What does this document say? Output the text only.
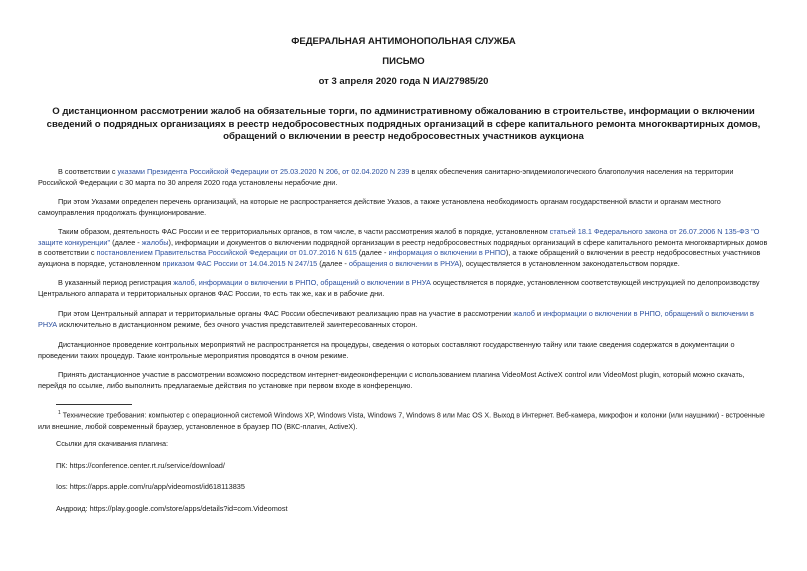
ФЕДЕРАЛЬНАЯ АНТИМОНОПОЛЬНАЯ СЛУЖБА
ПИСЬМО
от 3 апреля 2020 года N ИА/27985/20
О дистанционном рассмотрении жалоб на обязательные торги, по административному обжалованию в строительстве, информации о включении сведений о подрядных организациях в реестр недобросовестных подрядных организаций в сфере капитального ремонта многоквартирных домов, обращений о включении в реестр недобросовестных участников аукциона
В соответствии с указами Президента Российской Федерации от 25.03.2020 N 206, от 02.04.2020 N 239 в целях обеспечения санитарно-эпидемиологического благополучия населения на территории Российской Федерации с 30 марта по 30 апреля 2020 года установлены нерабочие дни.
При этом Указами определен перечень организаций, на которые не распространяется действие Указов, а также установлена необходимость органам государственной власти и органам местного самоуправления продолжать функционирование.
Таким образом, деятельность ФАС России и ее территориальных органов, в том числе, в части рассмотрения жалоб в порядке, установленном статьей 18.1 Федерального закона от 26.07.2006 N 135-ФЗ "О защите конкуренции" (далее - жалобы), информации и документов о включении подрядной организации в реестр недобросовестных подрядных организаций в сфере капитального ремонта многоквартирных домов в соответствии с постановлением Правительства Российской Федерации от 01.07.2016 N 615 (далее - информация о включении в РНПО), а также обращений о включении в реестр недобросовестных участников аукциона в порядке, установленном приказом ФАС России от 14.04.2015 N 247/15 (далее - обращения о включении в РНУА), осуществляется в установленном законодательством порядке.
В указанный период регистрация жалоб, информации о включении в РНПО, обращений о включении в РНУА осуществляется в порядке, установленном соответствующей инструкцией по делопроизводству Центрального аппарата и территориальных органов ФАС России, то есть так же, как и в рабочие дни.
При этом Центральный аппарат и территориальные органы ФАС России обеспечивают реализацию прав на участие в рассмотрении жалоб и информации о включении в РНПО, обращений о включении в РНУА исключительно в дистанционном режиме, без очного участия представителей заинтересованных сторон.
Дистанционное проведение контрольных мероприятий не распространяется на процедуры, сведения о которых составляют государственную тайну или такие сведения содержатся в документации о проведении таких процедур. Такие контрольные мероприятия проводятся в очном режиме.
Принять дистанционное участие в рассмотрении возможно посредством интернет-видеоконференции с использованием плагина VideoMost ActiveX control или VideoMost plugin, который можно скачать, перейдя по ссылке, либо выполнить предлагаемые действия по установке при первом входе в конференцию.
$^1$ Технические требования: компьютер с операционной системой Windows XP, Windows Vista, Windows 7, Windows 8 или Mac OS X. Выход в Интернет. Веб-камера, микрофон и колонки (или наушники) - встроенные или внешние, любой современный браузер, установленное в браузер ПО (ВКС-плагин, ActiveX).
Ссылки для скачивания плагина:
ПК: https://conference.center.rt.ru/service/download/
Ios: https://apps.apple.com/ru/app/videomost/id618113835
Андроид: https://play.google.com/store/apps/details?id=com.Videomost
